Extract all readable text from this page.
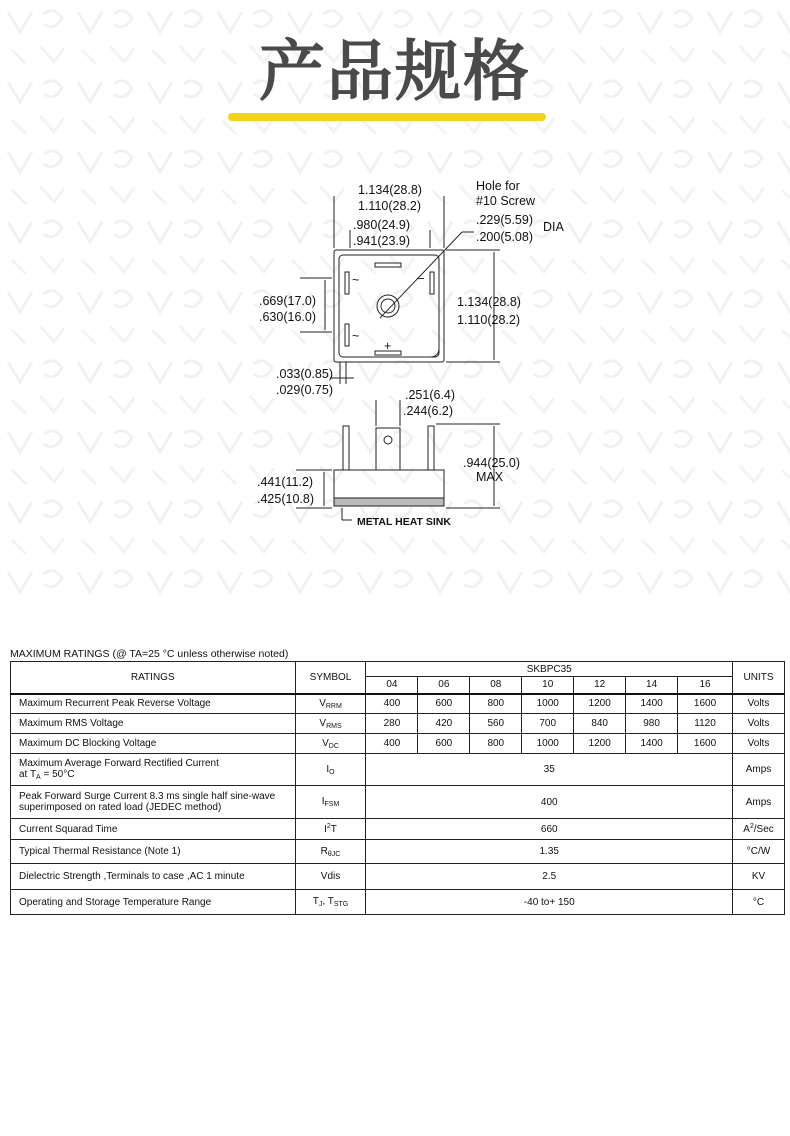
产品规格
~
~
–
+
1.134(28.8)
1.110(28.2)
.980(24.9)
.941(23.9)
Hole for
#10 Screw
.229(5.59)
.200(5.08)
DIA
.669(17.0)
.630(16.0)
1.134(28.8)
1.110(28.2)
.033(0.85)
.029(0.75)	.251(6.4)
.244(6.2)
.944(25.0)
MAX
.441(11.2)
.425(10.8)
METAL HEAT SINK
MAXIMUM RATINGS (@ TA=25 °C unless otherwise noted)
RATINGS	SYMBOL	SKBPC35							UNITS
		04	06	08	10	12	14	16	
Maximum Recurrent Peak Reverse Voltage	$V_{RRM}$	400	600	800	1000	1200	1400	1600	Volts
Maximum RMS Voltage	$V_{RMS}$	280	420	560	700	840	980	1120	Volts
Maximum DC Blocking Voltage	$V_{DC}$	400	600	800	1000	1200	1400	1600	Volts

Maximum Average Forward Rectified Current
at $T_A = 50^\circ C$	$I_O$	35							Amps

Peak Forward Surge Current 8.3 ms single half sine-wave
superimposed on rated load (JEDEC method)	$I_{FSM}$	400							Amps
Current Squarad Time	$I^2T$	660							$A^2$/Sec
Typical Thermal Resistance (Note 1)	$R_{\theta JC}$	1.35							°C/W
Dielectric Strength ,Terminals to case ,AC 1 minute	Vdis	2.5							KV
Operating and Storage Temperature Range	$T_J$, $T_{STG}$	-40 to+ 150							°C
